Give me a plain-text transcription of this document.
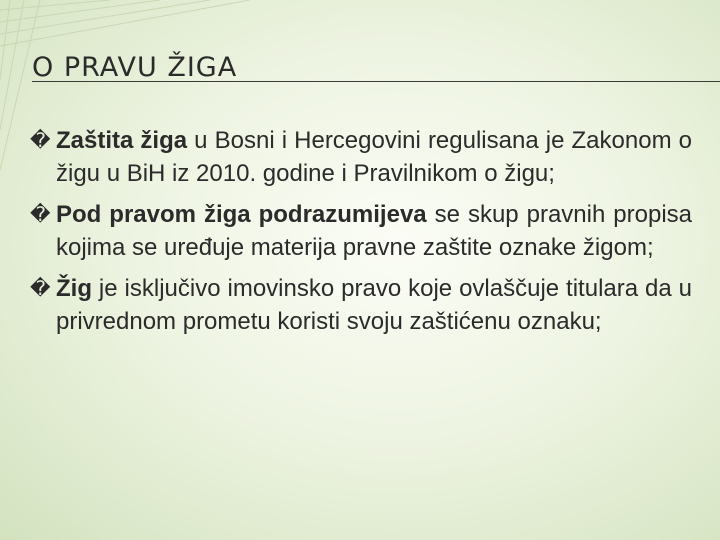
O PRAVU ŽIGA

� Zaštita žiga u Bosni i Hercegovini regulisana je Zakonom o žigu u BiH iz 2010. godine i Pravilnikom o žigu;

� Pod pravom žiga podrazumijeva se skup pravnih propisa kojima se uređuje materija pravne zaštite oznake žigom;

� Žig je isključivo imovinsko pravo koje ovlaščuje titulara da u privrednom prometu koristi svoju zaštićenu oznaku;
